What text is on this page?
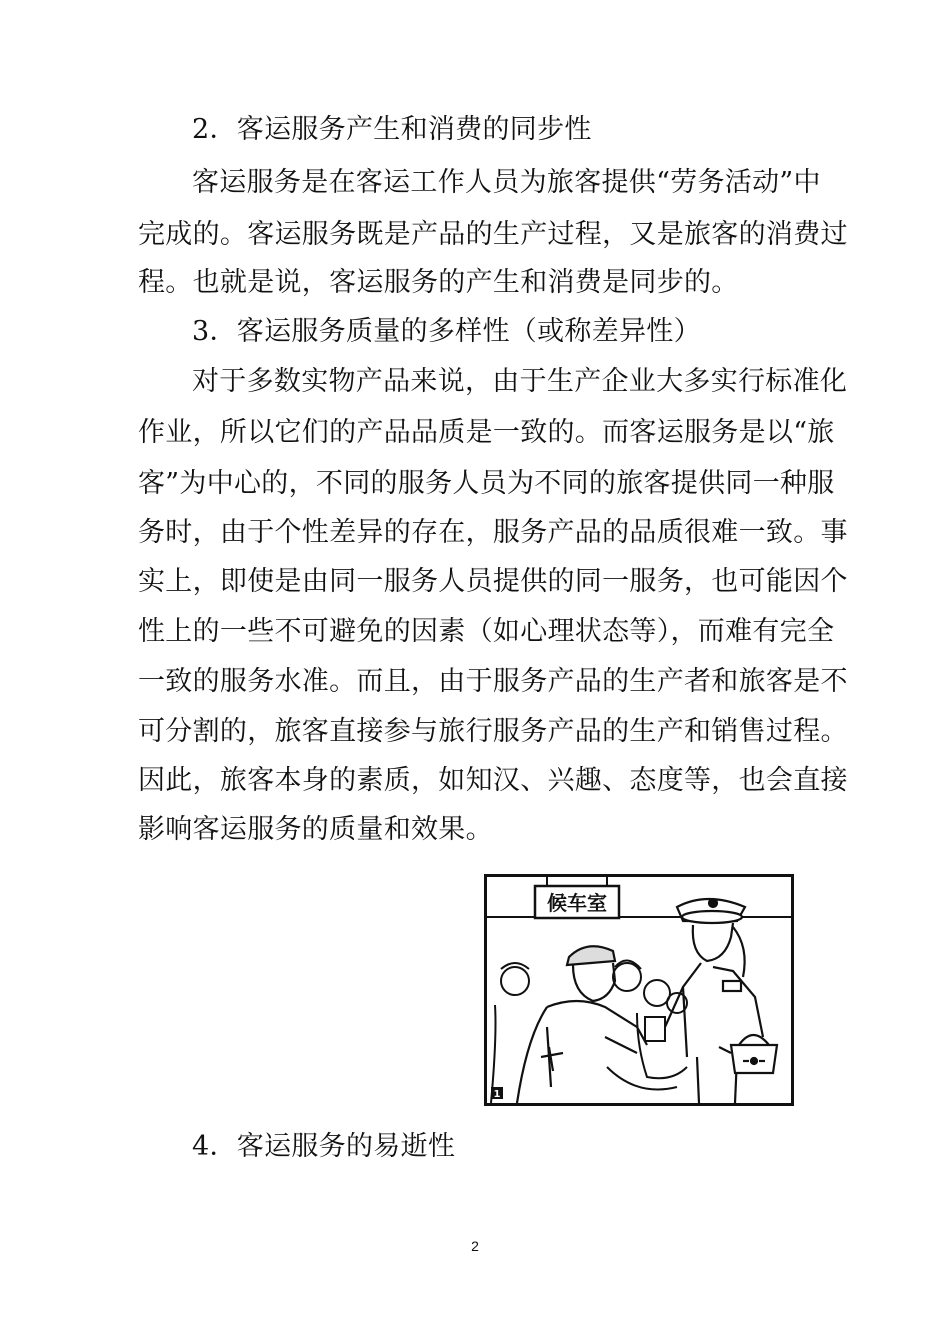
2．客运服务产生和消费的同步性
客运服务是在客运工作人员为旅客提供“劳务活动”中
完成的。客运服务既是产品的生产过程，又是旅客的消费过
程。也就是说，客运服务的产生和消费是同步的。
3．客运服务质量的多样性（或称差异性）
对于多数实物产品来说，由于生产企业大多实行标准化
作业，所以它们的产品品质是一致的。而客运服务是以“旅
客”为中心的，不同的服务人员为不同的旅客提供同一种服
务时，由于个性差异的存在，服务产品的品质很难一致。事
实上，即使是由同一服务人员提供的同一服务，也可能因个
性上的一些不可避免的因素（如心理状态等），而难有完全
一致的服务水准。而且，由于服务产品的生产者和旅客是不
可分割的，旅客直接参与旅行服务产品的生产和销售过程。
因此，旅客本身的素质，如知汉、兴趣、态度等，也会直接
影响客运服务的质量和效果。
候车室
1
4．客运服务的易逝性
2
